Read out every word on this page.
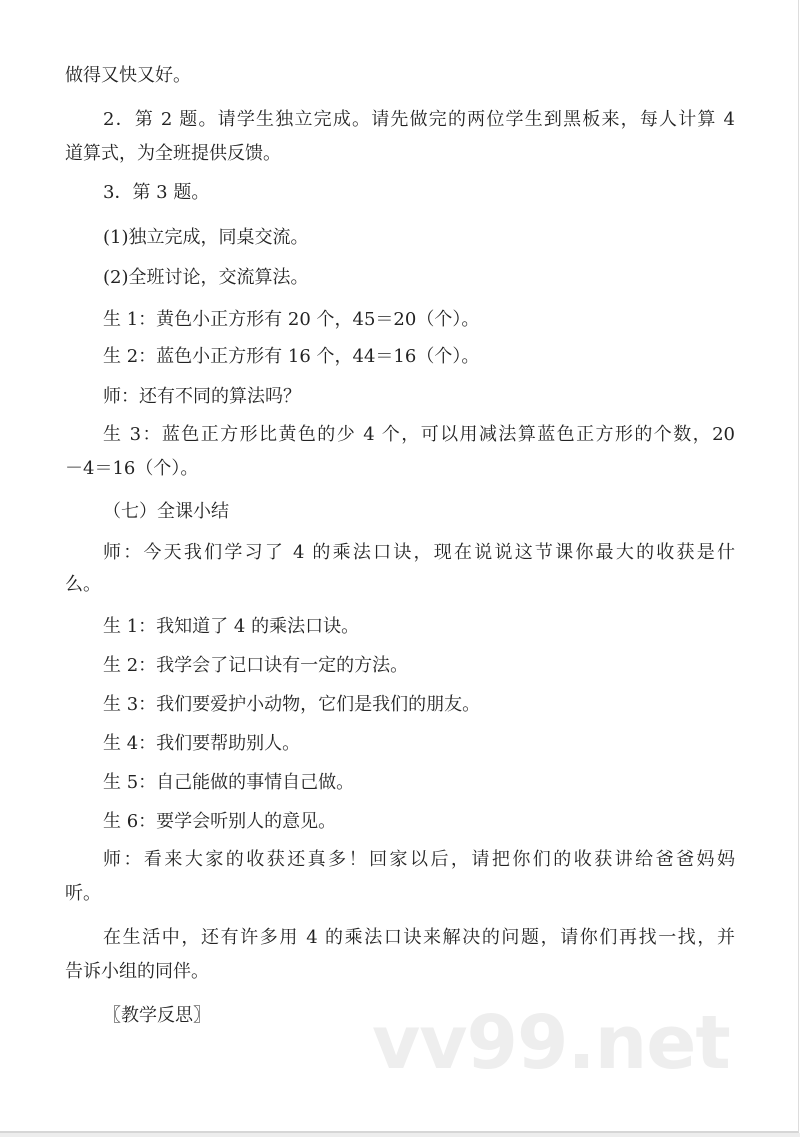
vv99.net
做得又快又好。
2．第 2 题。请学生独立完成。请先做完的两位学生到黑板来，每人计算 4
道算式，为全班提供反馈。
3．第 3 题。
(1)独立完成，同桌交流。
(2)全班讨论，交流算法。
生 1：黄色小正方形有 20 个，45＝20（个）。
生 2：蓝色小正方形有 16 个，44＝16（个）。
师：还有不同的算法吗？
生 3：蓝色正方形比黄色的少 4 个，可以用减法算蓝色正方形的个数，20
－4＝16（个）。
（七）全课小结
师：今天我们学习了 4 的乘法口诀，现在说说这节课你最大的收获是什
么。
生 1：我知道了 4 的乘法口诀。
生 2：我学会了记口诀有一定的方法。
生 3：我们要爱护小动物，它们是我们的朋友。
生 4：我们要帮助别人。
生 5：自己能做的事情自己做。
生 6：要学会听别人的意见。
师：看来大家的收获还真多！回家以后，请把你们的收获讲给爸爸妈妈
听。
在生活中，还有许多用 4 的乘法口诀来解决的问题，请你们再找一找，并
告诉小组的同伴。
〖教学反思〗
